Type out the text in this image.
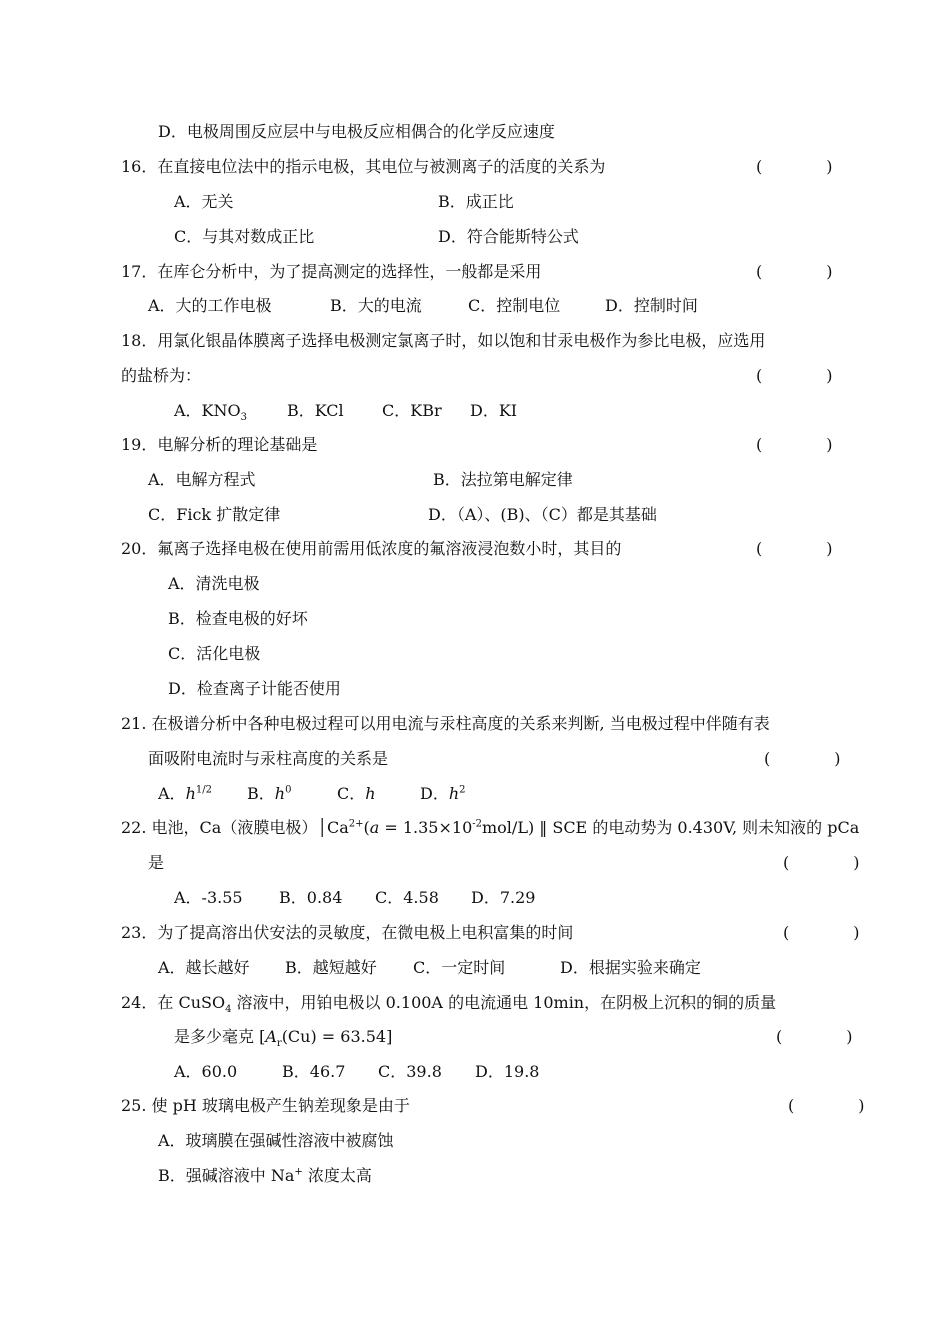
D．电极周围反应层中与电极反应相偶合的化学反应速度
16．在直接电位法中的指示电极，其电位与被测离子的活度的关系为	(　　　　)
A．无关	B．成正比
C．与其对数成正比	D．符合能斯特公式
17．在库仑分析中，为了提高测定的选择性，一般都是采用	(　　　　)
A．大的工作电极	B．大的电流	C．控制电位	D．控制时间
18．用氯化银晶体膜离子选择电极测定氯离子时，如以饱和甘汞电极作为参比电极，应选用
的盐桥为：	(　　　　)
A．$KNO_3$ B．KCl C．KBr D．KI
19．电解分析的理论基础是	(　　　　)
A．电解方程式	B．法拉第电解定律
C．Fick 扩散定律	D．（A）、(B)、（C）都是其基础
20．氟离子选择电极在使用前需用低浓度的氟溶液浸泡数小时，其目的	(　　　　)
A．清洗电极
B．检查电极的好坏
C．活化电极
D．检查离子计能否使用
21. 在极谱分析中各种电极过程可以用电流与汞柱高度的关系来判断, 当电极过程中伴随有表
面吸附电流时与汞柱高度的关系是	(　　　　)
A．$h^{1/2}$ B．$h^0$	C．h	D．$h^2$
22. 电池，Ca（液膜电极）$│Ca^{2+}(a = 1.35\times 10^{-2}mol/L)$ ‖ SCE 的电动势为 0.430V, 则未知液的 pCa
是	(　　　　)
A．-3.55 B．0.84 C．4.58 D．7.29
23．为了提高溶出伏安法的灵敏度，在微电极上电积富集的时间	(　　　　)
A．越长越好 B．越短越好 C．一定时间	D．根据实验来确定
24．在 CuSO$_4$ 溶液中，用铂电极以 0.100A 的电流通电 10min，在阴极上沉积的铜的质量
是多少毫克 $[A_r(Cu) = 63.54]$	(　　　　)
A．60.0	B．46.7 C．39.8 D．19.8
25. 使 pH 玻璃电极产生钠差现象是由于	(　　　　)
A．玻璃膜在强碱性溶液中被腐蚀
B．强碱溶液中 Na+ 浓度太高
